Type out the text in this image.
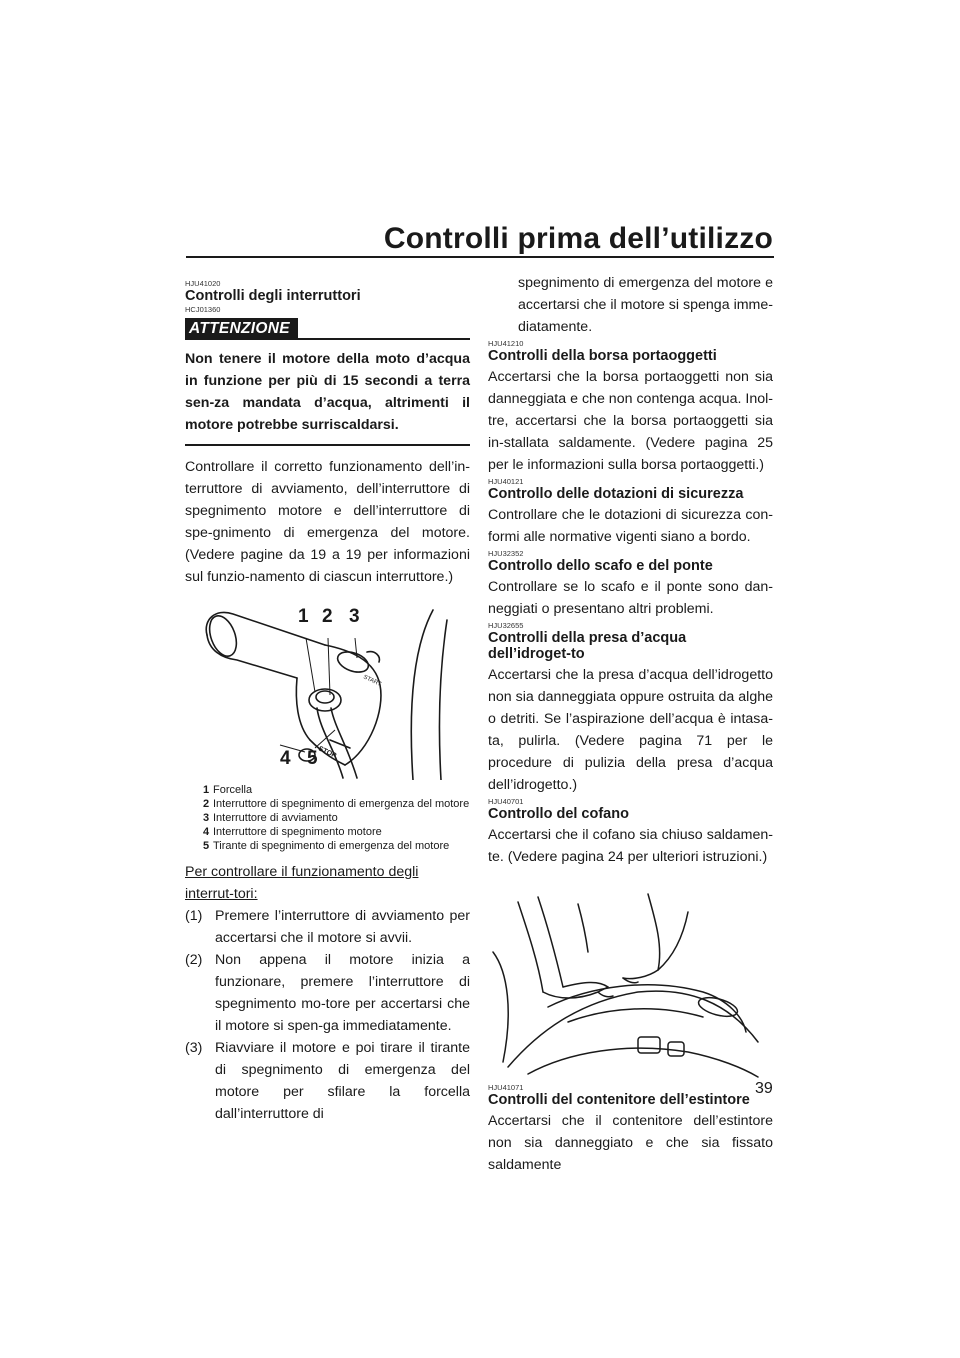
Controlli prima dell’utilizzo
HJU41020
Controlli degli interruttori
HCJ01360
ATTENZIONE
Non tenere il motore della moto d’acqua in funzione per più di 15 secondi a terra sen-za mandata d’acqua, altrimenti il motore potrebbe surriscaldarsi.
Controllare il corretto funzionamento dell’in-terruttore di avviamento, dell’interruttore di spegnimento motore e dell’interruttore di spe-gnimento di emergenza del motore. (Vedere pagine da 19 a 19 per informazioni sul funzio-namento di ciascun interruttore.)
START
STOP
1 2 3
4 5
1 Forcella
2 Interruttore di spegnimento di emergenza del motore
3 Interruttore di avviamento
4 Interruttore di spegnimento motore
5 Tirante di spegnimento di emergenza del motore
Per controllare il funzionamento degli interrut-tori:
(1) Premere l’interruttore di avviamento per accertarsi che il motore si avvii.
(2) Non appena il motore inizia a funzionare, premere l’interruttore di spegnimento mo-tore per accertarsi che il motore si spen-ga immediatamente.
(3) Riavviare il motore e poi tirare il tirante di spegnimento di emergenza del motore per sfilare la forcella dall’interruttore di
spegnimento di emergenza del motore e accertarsi che il motore si spenga imme-diatamente.
HJU41210
Controlli della borsa portaoggetti
Accertarsi che la borsa portaoggetti non sia danneggiata e che non contenga acqua. Inol-tre, accertarsi che la borsa portaoggetti sia in-stallata saldamente. (Vedere pagina 25 per le informazioni sulla borsa portaoggetti.)
HJU40121
Controllo delle dotazioni di sicurezza
Controllare che le dotazioni di sicurezza con-formi alle normative vigenti siano a bordo.
HJU32352
Controllo dello scafo e del ponte
Controllare se lo scafo e il ponte sono dan-neggiati o presentano altri problemi.
HJU32655
Controlli della presa d’acqua dell’idroget-to
Accertarsi che la presa d’acqua dell’idrogetto non sia danneggiata oppure ostruita da alghe o detriti. Se l’aspirazione dell’acqua è intasa-ta, pulirla. (Vedere pagina 71 per le procedure di pulizia della presa d’acqua dell’idrogetto.)
HJU40701
Controllo del cofano
Accertarsi che il cofano sia chiuso saldamen-te. (Vedere pagina 24 per ulteriori istruzioni.)
HJU41071
Controlli del contenitore dell’estintore
Accertarsi che il contenitore dell’estintore non sia danneggiato e che sia fissato saldamente
39
